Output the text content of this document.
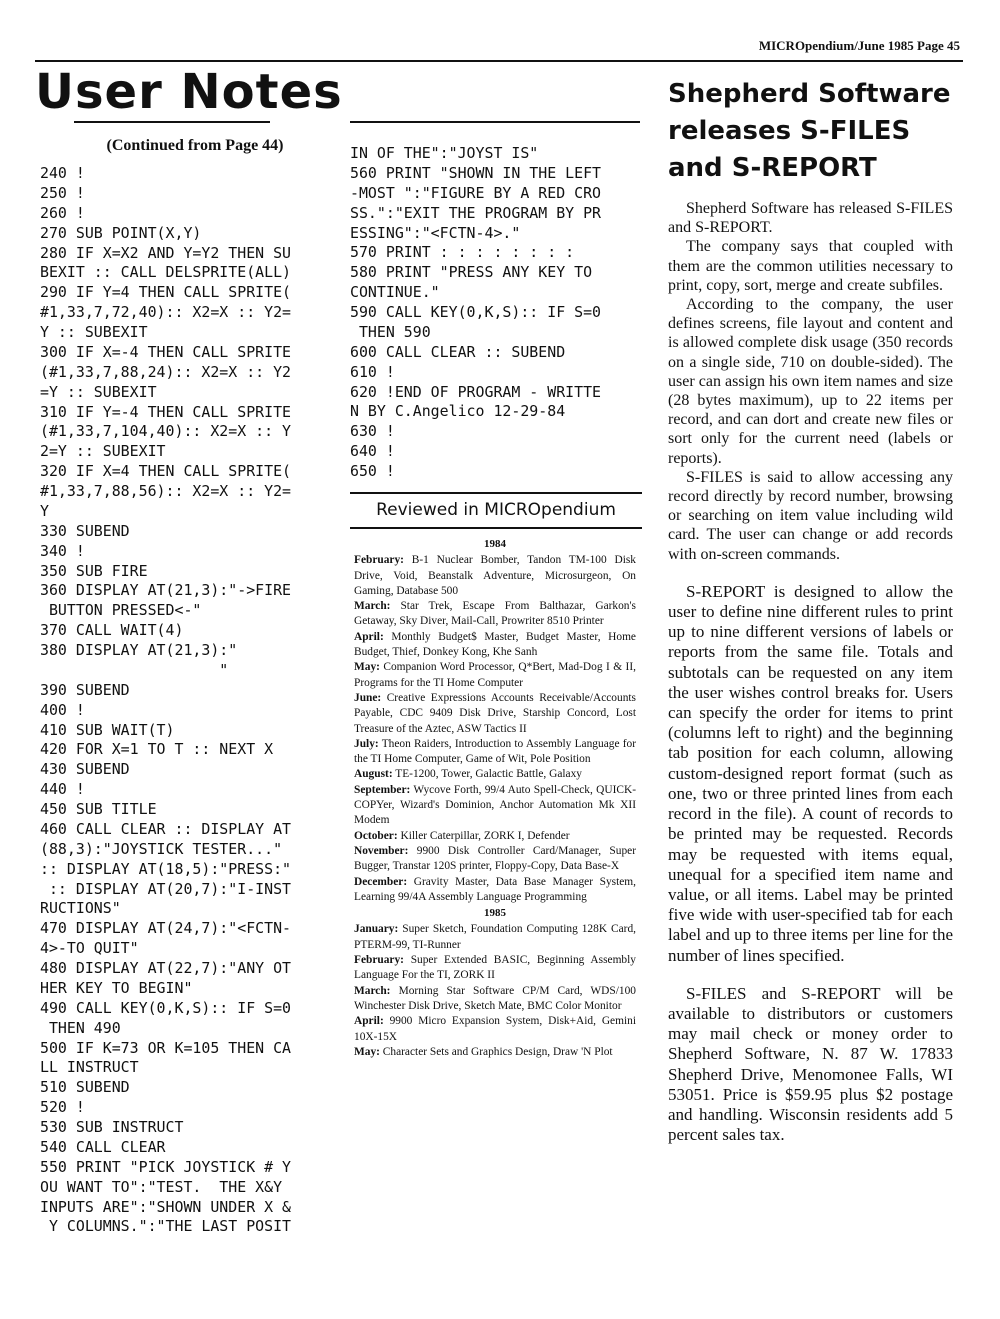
MICROpendium/June 1985 Page 45
User Notes
(Continued from Page 44)
240 !
250 !
260 !
270 SUB POINT(X,Y)
280 IF X=X2 AND Y=Y2 THEN SU
BEXIT :: CALL DELSPRITE(ALL)
290 IF Y=4 THEN CALL SPRITE(
#1,33,7,72,40):: X2=X :: Y2=
Y :: SUBEXIT
300 IF X=-4 THEN CALL SPRITE
(#1,33,7,88,24):: X2=X :: Y2
=Y :: SUBEXIT
310 IF Y=-4 THEN CALL SPRITE
(#1,33,7,104,40):: X2=X :: Y
2=Y :: SUBEXIT
320 IF X=4 THEN CALL SPRITE(
#1,33,7,88,56):: X2=X :: Y2=
Y
330 SUBEND
340 !
350 SUB FIRE
360 DISPLAY AT(21,3):"->FIRE
BUTTON PRESSED<-"
370 CALL WAIT(4)
380 DISPLAY AT(21,3):"
"
390 SUBEND
400 !
410 SUB WAIT(T)
420 FOR X=1 TO T :: NEXT X
430 SUBEND
440 !
450 SUB TITLE
460 CALL CLEAR :: DISPLAY AT
(88,3):"JOYSTICK TESTER..."
:: DISPLAY AT(18,5):"PRESS:"
:: DISPLAY AT(20,7):"I-INST
RUCTIONS"
470 DISPLAY AT(24,7):"<FCTN-
4>-TO QUIT"
480 DISPLAY AT(22,7):"ANY OT
HER KEY TO BEGIN"
490 CALL KEY(0,K,S):: IF S=0
THEN 490
500 IF K=73 OR K=105 THEN CA
LL INSTRUCT
510 SUBEND
520 !
530 SUB INSTRUCT
540 CALL CLEAR
550 PRINT "PICK JOYSTICK # Y
OU WANT TO":"TEST.  THE X&Y
INPUTS ARE":"SHOWN UNDER X &
Y COLUMNS.":"THE LAST POSIT
IN OF THE":"JOYST IS"
560 PRINT "SHOWN IN THE LEFT
-MOST ":"FIGURE BY A RED CRO
SS.":"EXIT THE PROGRAM BY PR
ESSING":"<FCTN-4>."
570 PRINT : : : : : : : :
580 PRINT "PRESS ANY KEY TO
CONTINUE."
590 CALL KEY(0,K,S):: IF S=0
THEN 590
600 CALL CLEAR :: SUBEND
610 !
620 !END OF PROGRAM - WRITTE
N BY C.Angelico 12-29-84
630 !
640 !
650 !
Reviewed in MICROpendium
1984

February: B-1 Nuclear Bomber, Tandon TM-100 Disk Drive, Void, Beanstalk Adventure, Microsurgeon, On Gaming, Database 500

March: Star Trek, Escape From Balthazar, Garkon's Getaway, Sky Diver, Mail-Call, Prowriter 8510 Printer

April: Monthly Budget$ Master, Budget Master, Home Budget, Thief, Donkey Kong, Khe Sanh

May: Companion Word Processor, Q*Bert, Mad-Dog I & II, Programs for the TI Home Computer

June: Creative Expressions Accounts Receivable/Accounts Payable, CDC 9409 Disk Drive, Starship Concord, Lost Treasure of the Aztec, ASW Tactics II

July: Theon Raiders, Introduction to Assembly Language for the TI Home Computer, Game of Wit, Pole Position

August: TE-1200, Tower, Galactic Battle, Galaxy

September: Wycove Forth, 99/4 Auto Spell-Check, QUICK-COPYer, Wizard's Dominion, Anchor Automation Mk XII Modem

October: Killer Caterpillar, ZORK I, Defender

November: 9900 Disk Controller Card/Manager, Super Bugger, Transtar 120S printer, Floppy-Copy, Data Base-X

December: Gravity Master, Data Base Manager System, Learning 99/4A Assembly Language Programming

1985

January: Super Sketch, Foundation Computing 128K Card, PTERM-99, TI-Runner

February: Super Extended BASIC, Beginning Assembly Language For the TI, ZORK II

March: Morning Star Software CP/M Card, WDS/100 Winchester Disk Drive, Sketch Mate, BMC Color Monitor

April: 9900 Micro Expansion System, Disk+Aid, Gemini 10X-15X

May: Character Sets and Graphics Design, Draw 'N Plot

Shepherd Software releases S-FILES and S-REPORT

Shepherd Software has released S-FILES and S-REPORT.

The company says that coupled with them are the common utilities necessary to print, copy, sort, merge and create subfiles.

According to the company, the user defines screens, file layout and content and is allowed complete disk usage (350 records on a single side, 710 on double-sided). The user can assign his own item names and size (28 bytes maximum), up to 22 items per record, and can dort and create new files or sort only for the current need (labels or reports).

S-FILES is said to allow accessing any record directly by record number, browsing or searching on item value including wild card. The user can change or add records with on-screen commands.

S-REPORT is designed to allow the user to define nine different rules to print up to nine different versions of labels or reports from the same file. Totals and subtotals can be requested on any item the user wishes control breaks for. Users can specify the order for items to print (columns left to right) and the beginning tab position for each column, allowing custom-designed report format (such as one, two or three printed lines from each record in the file). A count of records to be printed may be requested. Records may be requested with items equal, unequal for a specified item name and value, or all items. Label may be printed five wide with user-specified tab for each label and up to three items per line for the number of lines specified.

S-FILES and S-REPORT will be available to distributors or customers may mail check or money order to Shepherd Software, N. 87 W. 17833 Shepherd Drive, Menomonee Falls, WI 53051. Price is $59.95 plus $2 postage and handling. Wisconsin residents add 5 percent sales tax.
